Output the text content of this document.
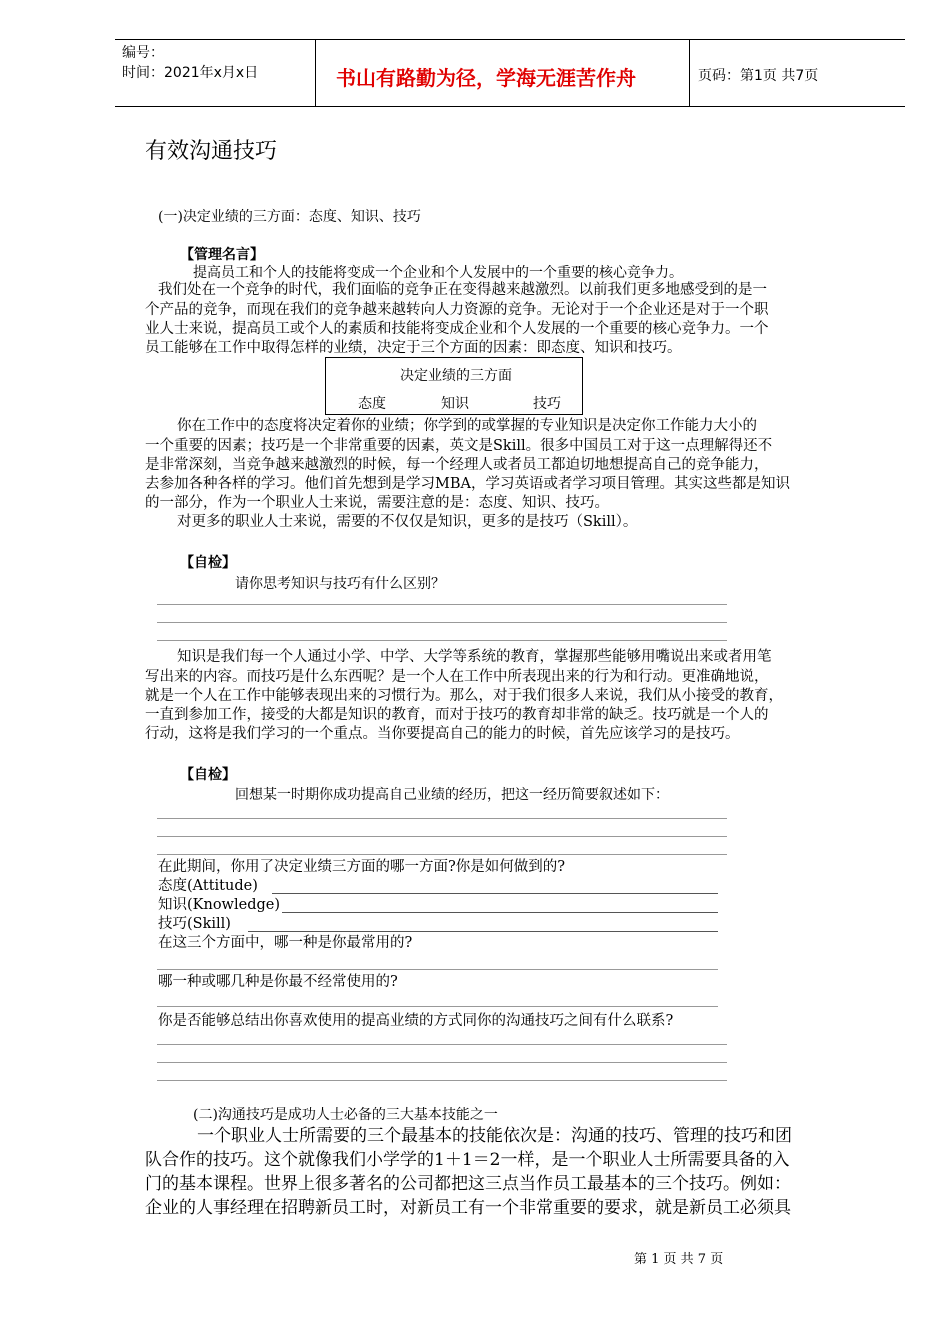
编号：
时间：2021年x月x日	书山有路勤为径，学海无涯苦作舟	页码：第1页 共7页
有效沟通技巧
(一)决定业绩的三方面：态度、知识、技巧
【管理名言】
提高员工和个人的技能将变成一个企业和个人发展中的一个重要的核心竞争力。
我们处在一个竞争的时代，我们面临的竞争正在变得越来越激烈。以前我们更多地感受到的是一
个产品的竞争，而现在我们的竞争越来越转向人力资源的竞争。无论对于一个企业还是对于一个职
业人士来说，提高员工或个人的素质和技能将变成企业和个人发展的一个重要的核心竞争力。一个
员工能够在工作中取得怎样的业绩，决定于三个方面的因素：即态度、知识和技巧。
决定业绩的三方面
态度	知识	技巧
你在工作中的态度将决定着你的业绩；你学到的或掌握的专业知识是决定你工作能力大小的
一个重要的因素；技巧是一个非常重要的因素，英文是Skill。很多中国员工对于这一点理解得还不
是非常深刻，当竞争越来越激烈的时候，每一个经理人或者员工都迫切地想提高自己的竞争能力，
去参加各种各样的学习。他们首先想到是学习MBA，学习英语或者学习项目管理。其实这些都是知识
的一部分，作为一个职业人士来说，需要注意的是：态度、知识、技巧。
对更多的职业人士来说，需要的不仅仅是知识，更多的是技巧（Skill）。
【自检】
请你思考知识与技巧有什么区别？
知识是我们每一个人通过小学、中学、大学等系统的教育，掌握那些能够用嘴说出来或者用笔
写出来的内容。而技巧是什么东西呢？是一个人在工作中所表现出来的行为和行动。更准确地说，
就是一个人在工作中能够表现出来的习惯行为。那么，对于我们很多人来说，我们从小接受的教育，
一直到参加工作，接受的大都是知识的教育，而对于技巧的教育却非常的缺乏。技巧就是一个人的
行动，这将是我们学习的一个重点。当你要提高自己的能力的时候，首先应该学习的是技巧。
【自检】
回想某一时期你成功提高自己业绩的经历，把这一经历简要叙述如下：
在此期间，你用了决定业绩三方面的哪一方面?你是如何做到的?
态度(Attitude)
知识(Knowledge)
技巧(Skill)
在这三个方面中，哪一种是你最常用的?
哪一种或哪几种是你最不经常使用的?
你是否能够总结出你喜欢使用的提高业绩的方式同你的沟通技巧之间有什么联系?
(二)沟通技巧是成功人士必备的三大基本技能之一
一个职业人士所需要的三个最基本的技能依次是：沟通的技巧、管理的技巧和团
队合作的技巧。这个就像我们小学学的1＋1＝2一样，是一个职业人士所需要具备的入
门的基本课程。世界上很多著名的公司都把这三点当作员工最基本的三个技巧。例如：
企业的人事经理在招聘新员工时，对新员工有一个非常重要的要求，就是新员工必须具
第 1 页 共 7 页
